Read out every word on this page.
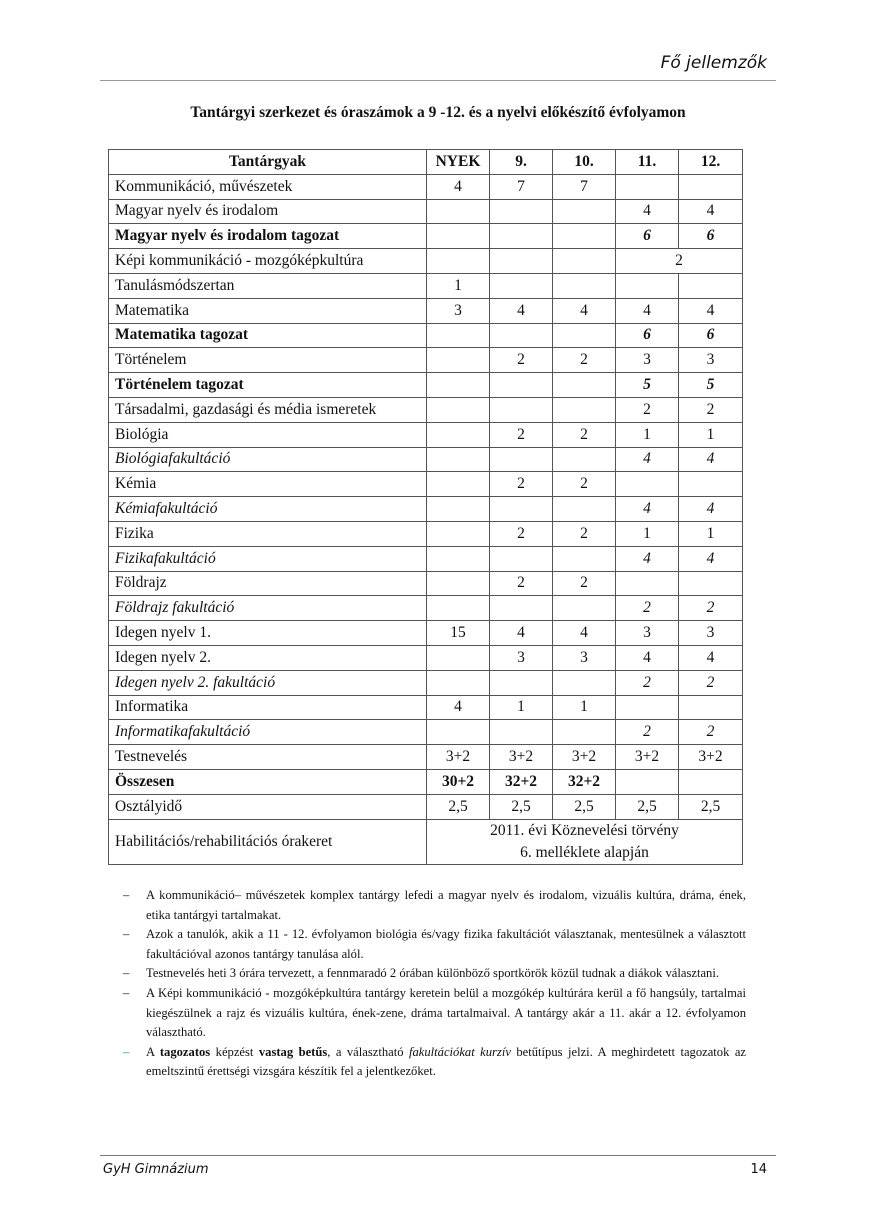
Fő jellemzők
Tantárgyi szerkezet és óraszámok a 9 -12. és a nyelvi előkészítő évfolyamon
Tantárgyak	NYEK	9.	10.	11.	12.
Kommunikáció, művészetek	4	7	7		
Magyar nyelv és irodalom				4	4
Magyar nyelv és irodalom tagozat				6	6
Képi kommunikáció - mozgóképkultúra				2	
Tanulásmódszertan	1				
Matematika	3	4	4	4	4
Matematika tagozat				6	6
Történelem		2	2	3	3
Történelem tagozat				5	5
Társadalmi, gazdasági és média ismeretek				2	2
Biológia		2	2	1	1
Biológiafakultáció				4	4
Kémia		2	2		
Kémiafakultáció				4	4
Fizika		2	2	1	1
Fizikafakultáció				4	4
Földrajz		2	2		
Földrajz fakultáció				2	2
Idegen nyelv 1.	15	4	4	3	3
Idegen nyelv 2.		3	3	4	4
Idegen nyelv 2. fakultáció				2	2
Informatika	4	1	1		
Informatikafakultáció				2	2
Testnevelés	3+2	3+2	3+2	3+2	3+2
Összesen	30+2	32+2	32+2		
Osztályidő	2,5	2,5	2,5	2,5	2,5
Habilitációs/rehabilitációs órakeret	2011. évi Köznevelési törvény
6. melléklete alapján				
– A kommunikáció– művészetek komplex tantárgy lefedi a magyar nyelv és irodalom, vizuális kultúra, dráma, ének, etika tantárgyi tartalmakat.
– Azok a tanulók, akik a 11 - 12. évfolyamon biológia és/vagy fizika fakultációt választanak, mentesülnek a választott fakultációval azonos tantárgy tanulása alól.
– Testnevelés heti 3 órára tervezett, a fennmaradó 2 órában különböző sportkörök közül tudnak a diákok választani.
– A Képi kommunikáció - mozgóképkultúra tantárgy keretein belül a mozgókép kultúrára kerül a fő hangsúly, tartalmai kiegészülnek a rajz és vizuális kultúra, ének-zene, dráma tartalmaival. A tantárgy akár a 11. akár a 12. évfolyamon választható.
– A tagozatos képzést vastag betűs, a választható fakultációkat kurzív betűtípus jelzi. A meghirdetett tagozatok az emeltszintű érettségi vizsgára készítik fel a jelentkezőket.
GyH Gimnázium	14
